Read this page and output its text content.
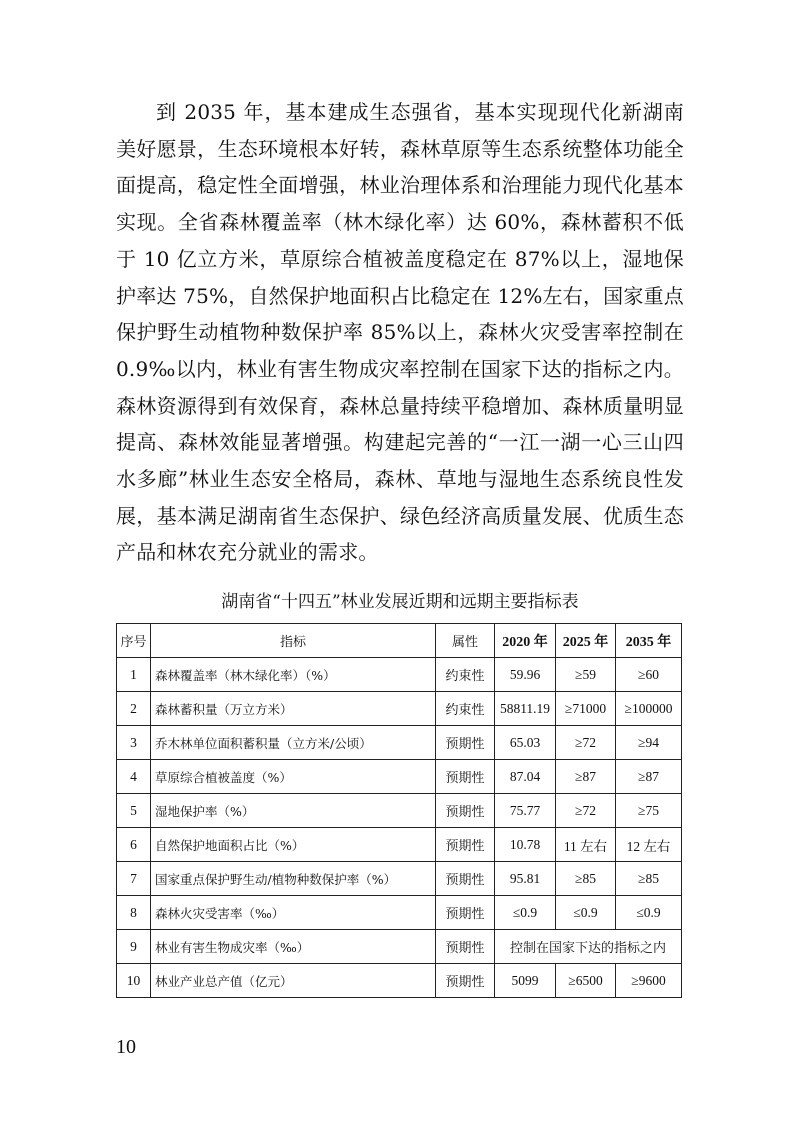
到 2035 年，基本建成生态强省，基本实现现代化新湖南美好愿景，生态环境根本好转，森林草原等生态系统整体功能全面提高，稳定性全面增强，林业治理体系和治理能力现代化基本实现。全省森林覆盖率（林木绿化率）达 60%，森林蓄积不低于 10 亿立方米，草原综合植被盖度稳定在 87%以上，湿地保护率达 75%，自然保护地面积占比稳定在 12%左右，国家重点保护野生动植物种数保护率 85%以上，森林火灾受害率控制在 0.9‰以内，林业有害生物成灾率控制在国家下达的指标之内。森林资源得到有效保育，森林总量持续平稳增加、森林质量明显提高、森林效能显著增强。构建起完善的“一江一湖一心三山四水多廊”林业生态安全格局，森林、草地与湿地生态系统良性发展，基本满足湖南省生态保护、绿色经济高质量发展、优质生态产品和林农充分就业的需求。

湖南省“十四五”林业发展近期和远期主要指标表
序号	指标	属性	2020 年	2025 年	2035 年
1	森林覆盖率（林木绿化率）（%）	约束性	59.96	≥59	≥60
2	森林蓄积量（万立方米）	约束性	58811.19	≥71000	≥100000
3	乔木林单位面积蓄积量（立方米/公顷）	预期性	65.03	≥72	≥94
4	草原综合植被盖度（%）	预期性	87.04	≥87	≥87
5	湿地保护率（%）	预期性	75.77	≥72	≥75
6	自然保护地面积占比（%）	预期性	10.78	11 左右	12 左右
7	国家重点保护野生动/植物种数保护率（%）	预期性	95.81	≥85	≥85
8	森林火灾受害率（‰）	预期性	≤0.9	≤0.9	≤0.9
9	林业有害生物成灾率（‰）	预期性	控制在国家下达的指标之内		
10	林业产业总产值（亿元）	预期性	5099	≥6500	≥9600
10
